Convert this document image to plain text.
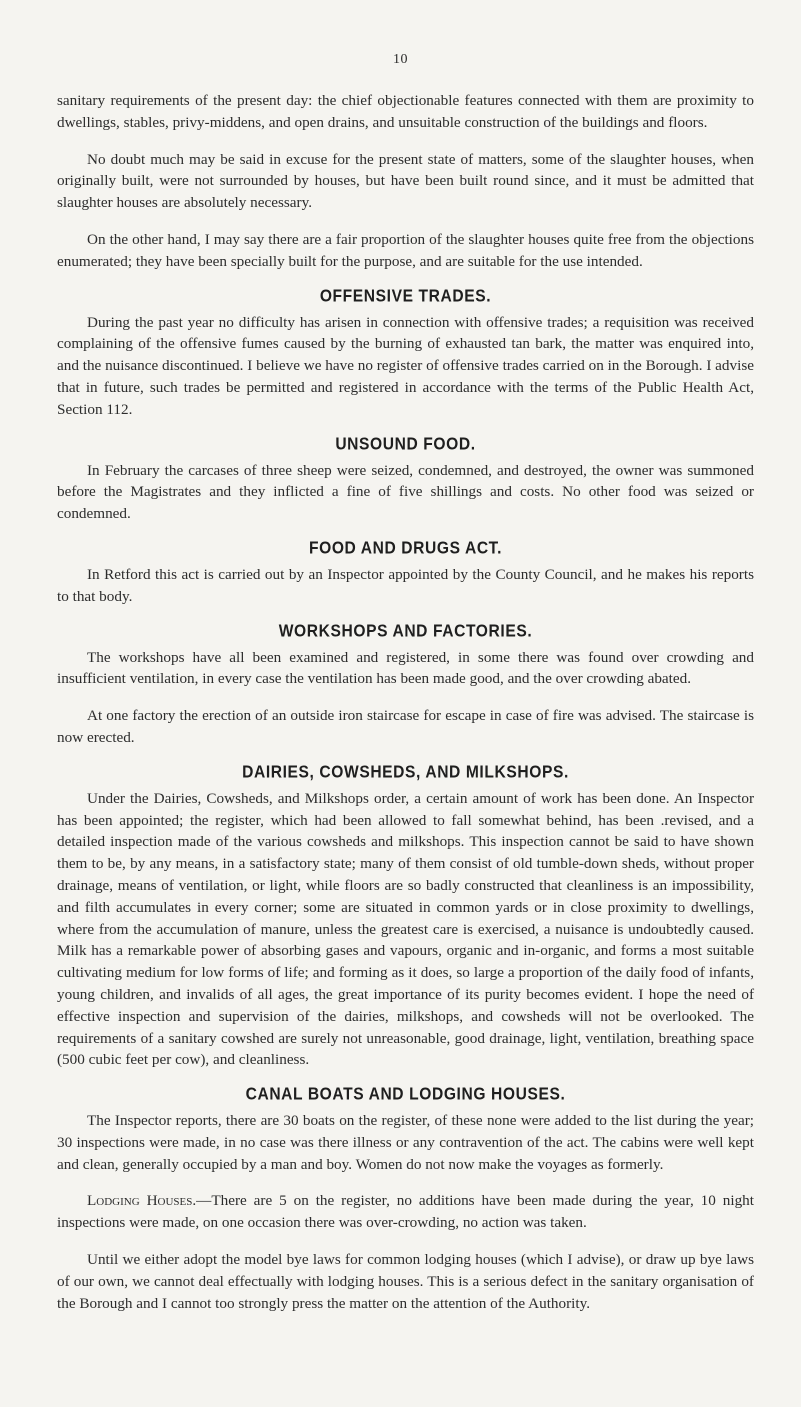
10

sanitary requirements of the present day: the chief objectionable features connected with them are proximity to dwellings, stables, privy-middens, and open drains, and unsuitable construction of the buildings and floors.

No doubt much may be said in excuse for the present state of matters, some of the slaughter houses, when originally built, were not surrounded by houses, but have been built round since, and it must be admitted that slaughter houses are absolutely necessary.

On the other hand, I may say there are a fair proportion of the slaughter houses quite free from the objections enumerated; they have been specially built for the purpose, and are suitable for the use intended.

OFFENSIVE TRADES.

During the past year no difficulty has arisen in connection with offensive trades; a requisition was received complaining of the offensive fumes caused by the burning of exhausted tan bark, the matter was enquired into, and the nuisance discontinued. I believe we have no register of offensive trades carried on in the Borough. I advise that in future, such trades be permitted and registered in accordance with the terms of the Public Health Act, Section 112.

UNSOUND FOOD.

In February the carcases of three sheep were seized, condemned, and destroyed, the owner was summoned before the Magistrates and they inflicted a fine of five shillings and costs. No other food was seized or condemned.

FOOD AND DRUGS ACT.

In Retford this act is carried out by an Inspector appointed by the County Council, and he makes his reports to that body.

WORKSHOPS AND FACTORIES.

The workshops have all been examined and registered, in some there was found over crowding and insufficient ventilation, in every case the ventilation has been made good, and the over crowding abated.

At one factory the erection of an outside iron staircase for escape in case of fire was advised. The staircase is now erected.

DAIRIES, COWSHEDS, AND MILKSHOPS.

Under the Dairies, Cowsheds, and Milkshops order, a certain amount of work has been done. An Inspector has been appointed; the register, which had been allowed to fall somewhat behind, has been .revised, and a detailed inspection made of the various cowsheds and milkshops. This inspection cannot be said to have shown them to be, by any means, in a satisfactory state; many of them consist of old tumble-down sheds, without proper drainage, means of ventilation, or light, while floors are so badly constructed that cleanliness is an impossibility, and filth accumulates in every corner; some are situated in common yards or in close proximity to dwellings, where from the accumulation of manure, unless the greatest care is exercised, a nuisance is undoubtedly caused. Milk has a remarkable power of absorbing gases and vapours, organic and in-organic, and forms a most suitable cultivating medium for low forms of life; and forming as it does, so large a proportion of the daily food of infants, young children, and invalids of all ages, the great importance of its purity becomes evident. I hope the need of effective inspection and supervision of the dairies, milkshops, and cowsheds will not be overlooked. The requirements of a sanitary cowshed are surely not unreasonable, good drainage, light, ventilation, breathing space (500 cubic feet per cow), and cleanliness.

CANAL BOATS AND LODGING HOUSES.

The Inspector reports, there are 30 boats on the register, of these none were added to the list during the year; 30 inspections were made, in no case was there illness or any contravention of the act. The cabins were well kept and clean, generally occupied by a man and boy. Women do not now make the voyages as formerly.

Lodging Houses.—There are 5 on the register, no additions have been made during the year, 10 night inspections were made, on one occasion there was over-crowding, no action was taken.

Until we either adopt the model bye laws for common lodging houses (which I advise), or draw up bye laws of our own, we cannot deal effectually with lodging houses. This is a serious defect in the sanitary organisation of the Borough and I cannot too strongly press the matter on the attention of the Authority.
